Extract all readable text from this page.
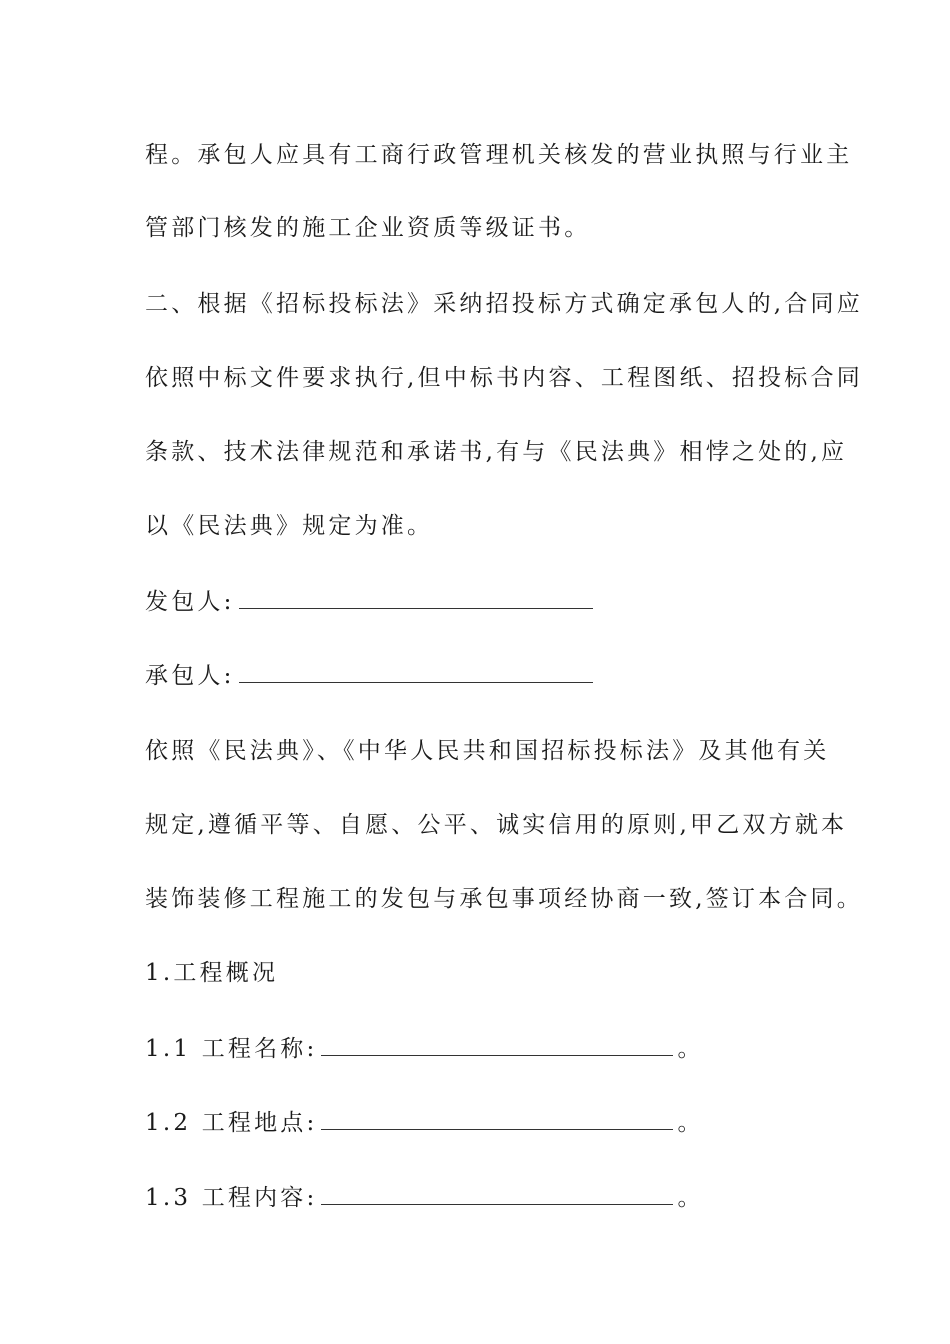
程。承包人应具有工商行政管理机关核发的营业执照与行业主
管部门核发的施工企业资质等级证书。
二、根据《招标投标法》采纳招投标方式确定承包人的,合同应
依照中标文件要求执行,但中标书内容、工程图纸、招投标合同
条款、技术法律规范和承诺书,有与《民法典》相悖之处的,应
以《民法典》规定为准。
发包人:
承包人:
依照《民法典》、《中华人民共和国招标投标法》及其他有关
规定,遵循平等、自愿、公平、诚实信用的原则,甲乙双方就本
装饰装修工程施工的发包与承包事项经协商一致,签订本合同。
1.工程概况
1.1 工程名称:	。
1.2 工程地点:	。
1.3 工程内容:	。
